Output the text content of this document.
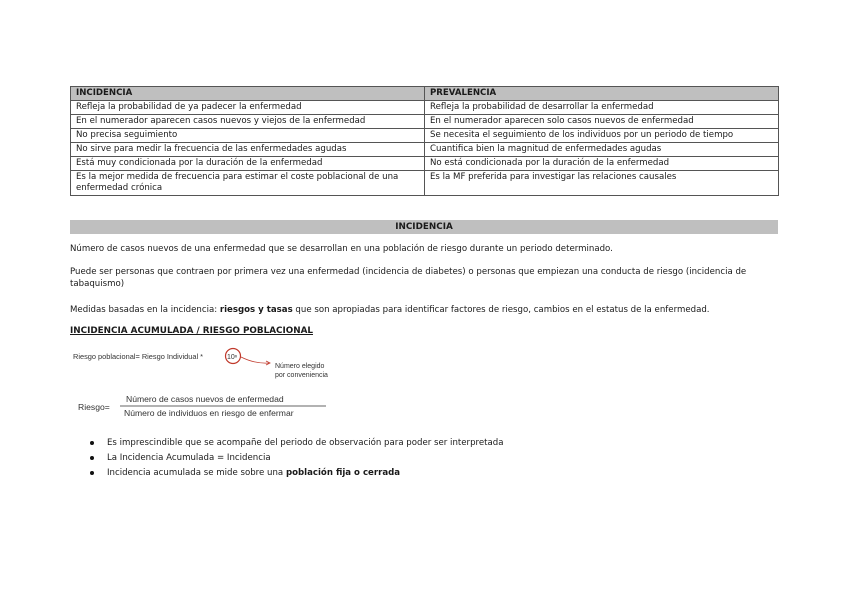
INCIDENCIA	PREVALENCIA
Refleja la probabilidad de ya padecer la enfermedad	Refleja la probabilidad de desarrollar la enfermedad
En el numerador aparecen casos nuevos y viejos de la enfermedad	En el numerador aparecen solo casos nuevos de enfermedad
No precisa seguimiento	Se necesita el seguimiento de los individuos por un periodo de tiempo
No sirve para medir la frecuencia de las enfermedades agudas	Cuantifica bien la magnitud de enfermedades agudas
Está muy condicionada por la duración de la enfermedad	No está condicionada por la duración de la enfermedad
Es la mejor medida de frecuencia para estimar el coste poblacional de una enfermedad crónica	Es la MF preferida para investigar las relaciones causales
INCIDENCIA
Número de casos nuevos de una enfermedad que se desarrollan en una población de riesgo durante un periodo determinado.
Puede ser personas que contraen por primera vez una enfermedad (incidencia de diabetes) o personas que empiezan una conducta de riesgo (incidencia de tabaquismo)
Medidas basadas en la incidencia: riesgos y tasas que son apropiadas para identificar factores de riesgo, cambios en el estatus de la enfermedad.
INCIDENCIA ACUMULADA / RIESGO POBLACIONAL
Riesgo poblacional= Riesgo Individual *	10ⁿ
Número elegido
por conveniencia
Riesgo=
Número de casos nuevos de enfermedad
Número de individuos en riesgo de enfermar
Es imprescindible que se acompañe del periodo de observación para poder ser interpretada
La Incidencia Acumulada = Incidencia
Incidencia acumulada se mide sobre una población fija o cerrada
